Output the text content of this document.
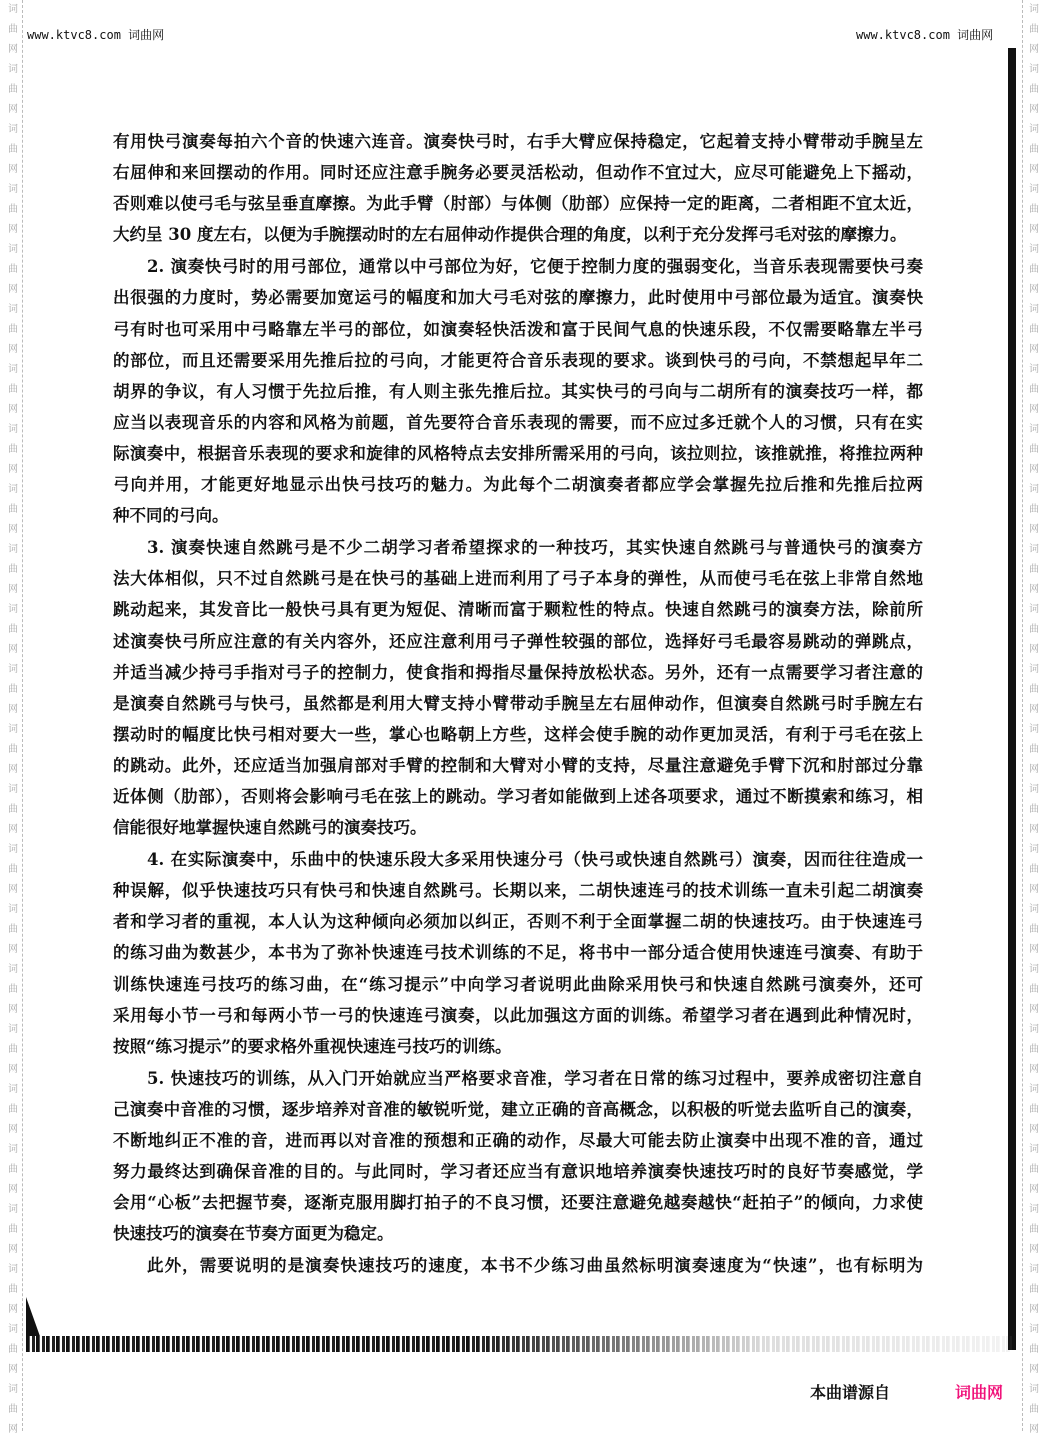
词
曲
网
词
曲
网
词
曲
网
词
曲
网
词
曲
网
词
曲
网
词
曲
网
词
曲
网
词
曲
网
词
曲
网
词
曲
网
词
曲
网
词
曲
网
词
曲
网
词
曲
网
词
曲
网
词
曲
网
词
曲
网
词
曲
网
词
曲
网
词
曲
网
词
曲
网
词
曲
网
词
曲
网
词
曲
网
词
曲
网
词
曲
网
词
曲
网
词
曲
网
词
曲
网
词
曲
网
词
曲
网
词
曲
网
词
曲
网
词
曲
网
词
曲
网
词
曲
网
词
曲
网
词
曲
网
词
曲
网
词
曲
网
词
曲
网
词
曲
网
词
曲
网
词
曲
网
词
曲
网
词
曲
网
词
曲
网
www.ktvc8.com 词曲网	www.ktvc8.com 词曲网
有用快弓演奏每拍六个音的快速六连音。演奏快弓时，右手大臂应保持稳定，它起着支持小臂带动手腕呈左
右屈伸和来回摆动的作用。同时还应注意手腕务必要灵活松动，但动作不宜过大，应尽可能避免上下摇动，
否则难以使弓毛与弦呈垂直摩擦。为此手臂（肘部）与体侧（肋部）应保持一定的距离，二者相距不宜太近，
大约呈 30 度左右，以便为手腕摆动时的左右屈伸动作提供合理的角度，以利于充分发挥弓毛对弦的摩擦力。
2. 演奏快弓时的用弓部位，通常以中弓部位为好，它便于控制力度的强弱变化，当音乐表现需要快弓奏
出很强的力度时，势必需要加宽运弓的幅度和加大弓毛对弦的摩擦力，此时使用中弓部位最为适宜。演奏快
弓有时也可采用中弓略靠左半弓的部位，如演奏轻快活泼和富于民间气息的快速乐段，不仅需要略靠左半弓
的部位，而且还需要采用先推后拉的弓向，才能更符合音乐表现的要求。谈到快弓的弓向，不禁想起早年二
胡界的争议，有人习惯于先拉后推，有人则主张先推后拉。其实快弓的弓向与二胡所有的演奏技巧一样，都
应当以表现音乐的内容和风格为前题，首先要符合音乐表现的需要，而不应过多迁就个人的习惯，只有在实
际演奏中，根据音乐表现的要求和旋律的风格特点去安排所需采用的弓向，该拉则拉，该推就推，将推拉两种
弓向并用，才能更好地显示出快弓技巧的魅力。为此每个二胡演奏者都应学会掌握先拉后推和先推后拉两
种不同的弓向。
3. 演奏快速自然跳弓是不少二胡学习者希望探求的一种技巧，其实快速自然跳弓与普通快弓的演奏方
法大体相似，只不过自然跳弓是在快弓的基础上进而利用了弓子本身的弹性，从而使弓毛在弦上非常自然地
跳动起来，其发音比一般快弓具有更为短促、清晰而富于颗粒性的特点。快速自然跳弓的演奏方法，除前所
述演奏快弓所应注意的有关内容外，还应注意利用弓子弹性较强的部位，选择好弓毛最容易跳动的弹跳点，
并适当减少持弓手指对弓子的控制力，使食指和拇指尽量保持放松状态。另外，还有一点需要学习者注意的
是演奏自然跳弓与快弓，虽然都是利用大臂支持小臂带动手腕呈左右屈伸动作，但演奏自然跳弓时手腕左右
摆动时的幅度比快弓相对要大一些，掌心也略朝上方些，这样会使手腕的动作更加灵活，有利于弓毛在弦上
的跳动。此外，还应适当加强肩部对手臂的控制和大臂对小臂的支持，尽量注意避免手臂下沉和肘部过分靠
近体侧（肋部），否则将会影响弓毛在弦上的跳动。学习者如能做到上述各项要求，通过不断摸索和练习，相
信能很好地掌握快速自然跳弓的演奏技巧。
4. 在实际演奏中，乐曲中的快速乐段大多采用快速分弓（快弓或快速自然跳弓）演奏，因而往往造成一
种误解，似乎快速技巧只有快弓和快速自然跳弓。长期以来，二胡快速连弓的技术训练一直未引起二胡演奏
者和学习者的重视，本人认为这种倾向必须加以纠正，否则不利于全面掌握二胡的快速技巧。由于快速连弓
的练习曲为数甚少，本书为了弥补快速连弓技术训练的不足，将书中一部分适合使用快速连弓演奏、有助于
训练快速连弓技巧的练习曲，在“练习提示”中向学习者说明此曲除采用快弓和快速自然跳弓演奏外，还可
采用每小节一弓和每两小节一弓的快速连弓演奏，以此加强这方面的训练。希望学习者在遇到此种情况时，
按照“练习提示”的要求格外重视快速连弓技巧的训练。
5. 快速技巧的训练，从入门开始就应当严格要求音准，学习者在日常的练习过程中，要养成密切注意自
己演奏中音准的习惯，逐步培养对音准的敏锐听觉，建立正确的音高概念，以积极的听觉去监听自己的演奏，
不断地纠正不准的音，进而再以对音准的预想和正确的动作，尽最大可能去防止演奏中出现不准的音，通过
努力最终达到确保音准的目的。与此同时，学习者还应当有意识地培养演奏快速技巧时的良好节奏感觉，学
会用“心板”去把握节奏，逐渐克服用脚打拍子的不良习惯，还要注意避免越奏越快“赶拍子”的倾向，力求使
快速技巧的演奏在节奏方面更为稳定。
此外，需要说明的是演奏快速技巧的速度，本书不少练习曲虽然标明演奏速度为“快速”，也有标明为
本曲谱源自	词曲网
